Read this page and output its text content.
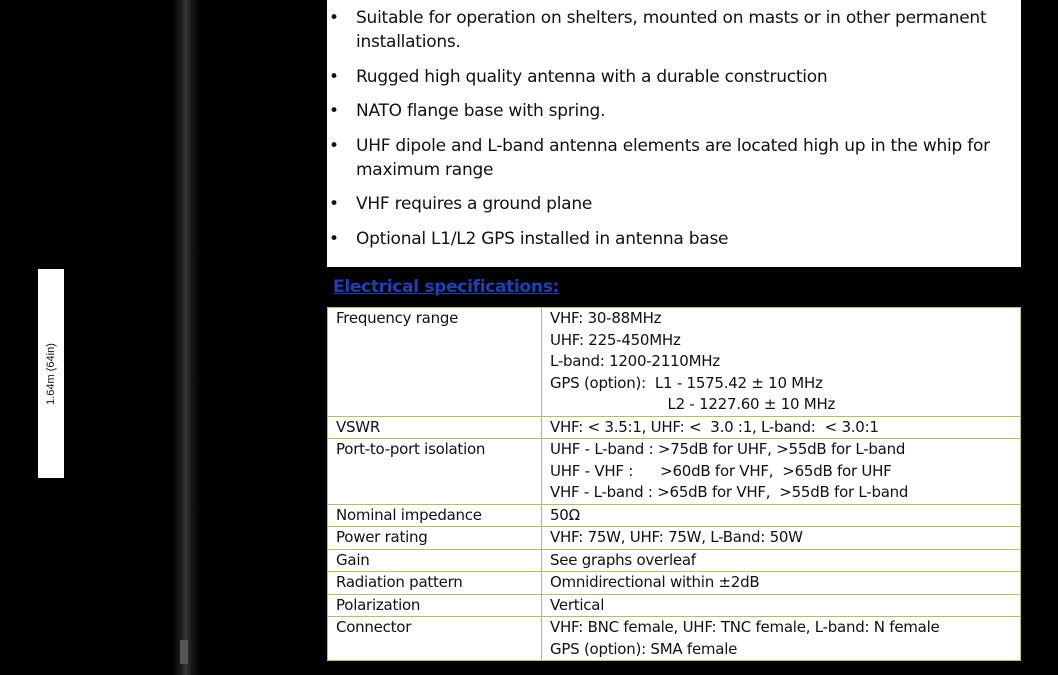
1.64m (64in)
• Suitable for operation on shelters, mounted on masts or in other permanent
installations.
• Rugged high quality antenna with a durable construction
• NATO flange base with spring.
• UHF dipole and L-band antenna elements are located high up in the whip for
maximum range
• VHF requires a ground plane
• Optional L1/L2 GPS installed in antenna base
Electrical specifications:
Frequency range	VHF: 30-88MHz
UHF: 225-450MHz
L-band: 1200-2110MHz
GPS (option):  L1 - 1575.42 ± 10 MHz
L2 - 1227.60 ± 10 MHz

VSWR	VHF: < 3.5:1, UHF: <  3.0 :1, L-band:  < 3.0:1

Port-to-port isolation	UHF - L-band : >75dB for UHF, >55dB for L-band
UHF - VHF :      >60dB for VHF,  >65dB for UHF
VHF - L-band : >65dB for VHF,  >55dB for L-band

Nominal impedance	50Ω

Power rating	VHF: 75W, UHF: 75W, L-Band: 50W

Gain	See graphs overleaf

Radiation pattern	Omnidirectional within ±2dB

Polarization	Vertical

Connector	VHF: BNC female, UHF: TNC female, L-band: N female
GPS (option): SMA female
